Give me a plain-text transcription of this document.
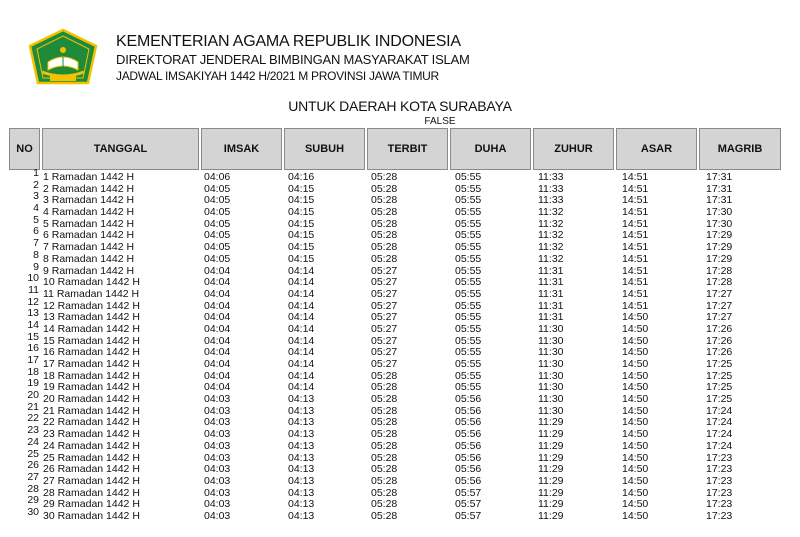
KEMENTERIAN AGAMA REPUBLIK INDONESIA
DIREKTORAT JENDERAL BIMBINGAN MASYARAKAT ISLAM
JADWAL IMSAKIYAH 1442 H/2021 M PROVINSI JAWA TIMUR
UNTUK DAERAH KOTA SURABAYA
FALSE
NO	TANGGAL	IMSAK	SUBUH	TERBIT	DUHA	ZUHUR	ASAR	MAGRIB
1 1 Ramadan 1442 H	04:06	04:16	05:28	05:55	11:33	14:51	17:31
2 2 Ramadan 1442 H	04:05	04:15	05:28	05:55	11:33	14:51	17:31
3 3 Ramadan 1442 H	04:05	04:15	05:28	05:55	11:33	14:51	17:31
4 4 Ramadan 1442 H	04:05	04:15	05:28	05:55	11:32	14:51	17:30
5 5 Ramadan 1442 H	04:05	04:15	05:28	05:55	11:32	14:51	17:30
6 6 Ramadan 1442 H	04:05	04:15	05:28	05:55	11:32	14:51	17:29
7 7 Ramadan 1442 H	04:05	04:15	05:28	05:55	11:32	14:51	17:29
8 8 Ramadan 1442 H	04:05	04:15	05:28	05:55	11:32	14:51	17:29
9 9 Ramadan 1442 H	04:04	04:14	05:27	05:55	11:31	14:51	17:28
10 10 Ramadan 1442 H	04:04	04:14	05:27	05:55	11:31	14:51	17:28
11 11 Ramadan 1442 H	04:04	04:14	05:27	05:55	11:31	14:51	17:27
12 12 Ramadan 1442 H	04:04	04:14	05:27	05:55	11:31	14:51	17:27
13 13 Ramadan 1442 H	04:04	04:14	05:27	05:55	11:31	14:50	17:27
14 14 Ramadan 1442 H	04:04	04:14	05:27	05:55	11:30	14:50	17:26
15 15 Ramadan 1442 H	04:04	04:14	05:27	05:55	11:30	14:50	17:26
16 16 Ramadan 1442 H	04:04	04:14	05:27	05:55	11:30	14:50	17:26
17 17 Ramadan 1442 H	04:04	04:14	05:27	05:55	11:30	14:50	17:25
18 18 Ramadan 1442 H	04:04	04:14	05:28	05:55	11:30	14:50	17:25
19 19 Ramadan 1442 H	04:04	04:14	05:28	05:55	11:30	14:50	17:25
20 20 Ramadan 1442 H	04:03	04:13	05:28	05:56	11:30	14:50	17:25
21 21 Ramadan 1442 H	04:03	04:13	05:28	05:56	11:30	14:50	17:24
22 22 Ramadan 1442 H	04:03	04:13	05:28	05:56	11:29	14:50	17:24
23 23 Ramadan 1442 H	04:03	04:13	05:28	05:56	11:29	14:50	17:24
24 24 Ramadan 1442 H	04:03	04:13	05:28	05:56	11:29	14:50	17:24
25 25 Ramadan 1442 H	04:03	04:13	05:28	05:56	11:29	14:50	17:23
26 26 Ramadan 1442 H	04:03	04:13	05:28	05:56	11:29	14:50	17:23
27 27 Ramadan 1442 H	04:03	04:13	05:28	05:56	11:29	14:50	17:23
28 28 Ramadan 1442 H	04:03	04:13	05:28	05:57	11:29	14:50	17:23
29 29 Ramadan 1442 H	04:03	04:13	05:28	05:57	11:29	14:50	17:23
30 30 Ramadan 1442 H	04:03	04:13	05:28	05:57	11:29	14:50	17:23
